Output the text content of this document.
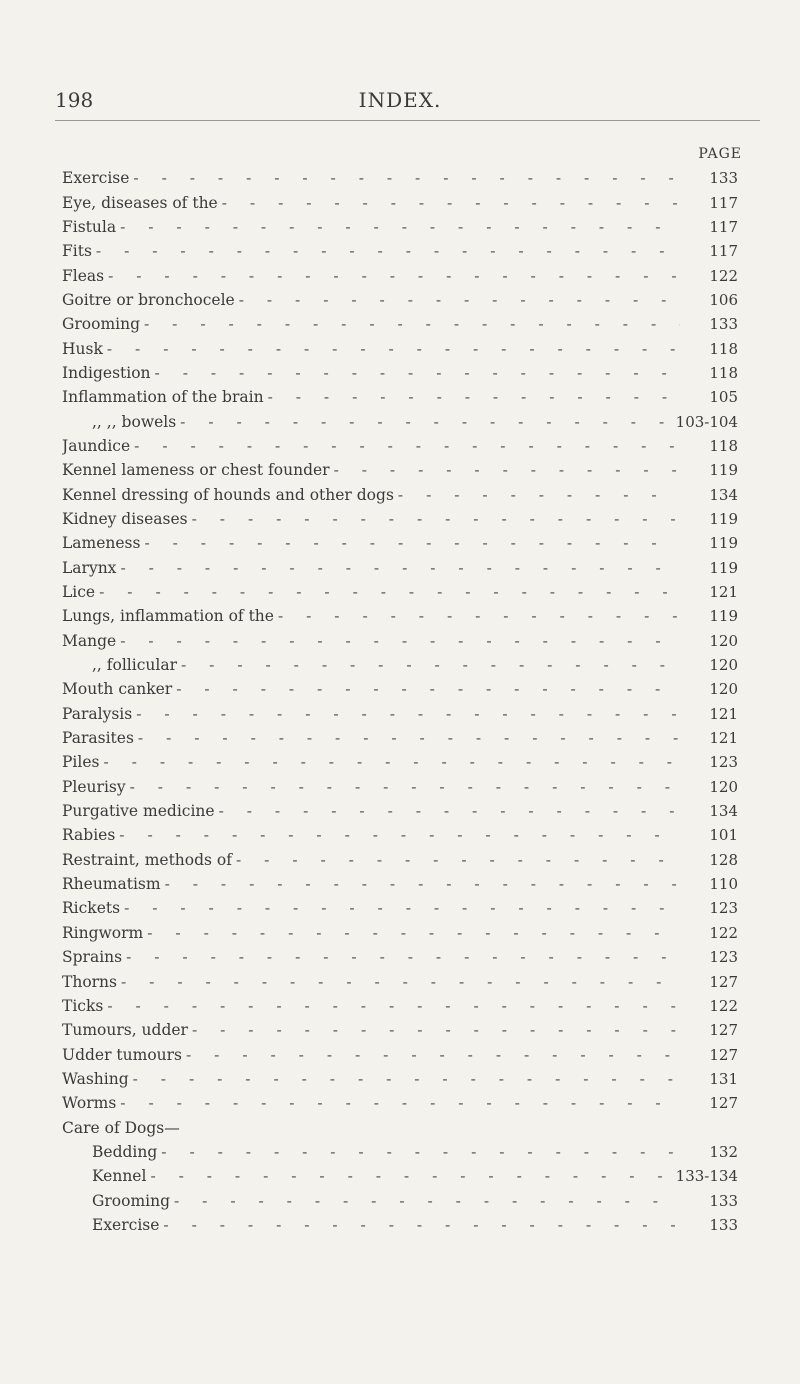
198	INDEX.
PAGE
Exercise - - -	133
Eye, diseases of the - - -	117
Fistula - - -	117
Fits - - -	117
Fleas - - -	122
Goitre or bronchocele - - -	106
Grooming - - -	133
Husk - - -	118
Indigestion - - -	118
Inflammation of the brain - - -	105
,, ,, bowels - - -	103-104
Jaundice - - -	118
Kennel lameness or chest founder - - -	119
Kennel dressing of hounds and other dogs - - -	134
Kidney diseases - - -	119
Lameness - - -	119
Larynx - - -	119
Lice - - -	121
Lungs, inflammation of the - - -	119
Mange - - -	120
,, follicular - - -	120
Mouth canker - - -	120
Paralysis - - -	121
Parasites - - -	121
Piles - - -	123
Pleurisy - - -	120
Purgative medicine - - -	134
Rabies - - -	101
Restraint, methods of - - -	128
Rheumatism - - -	110
Rickets - - -	123
Ringworm - - -	122
Sprains - - -	123
Thorns - - -	127
Ticks - - -	122
Tumours, udder - - -	127
Udder tumours - - -	127
Washing - - -	131
Worms - - -	127
Care of Dogs—
Bedding - - -	132
Kennel - - -	133-134
Grooming - - -	133
Exercise - - -	133
